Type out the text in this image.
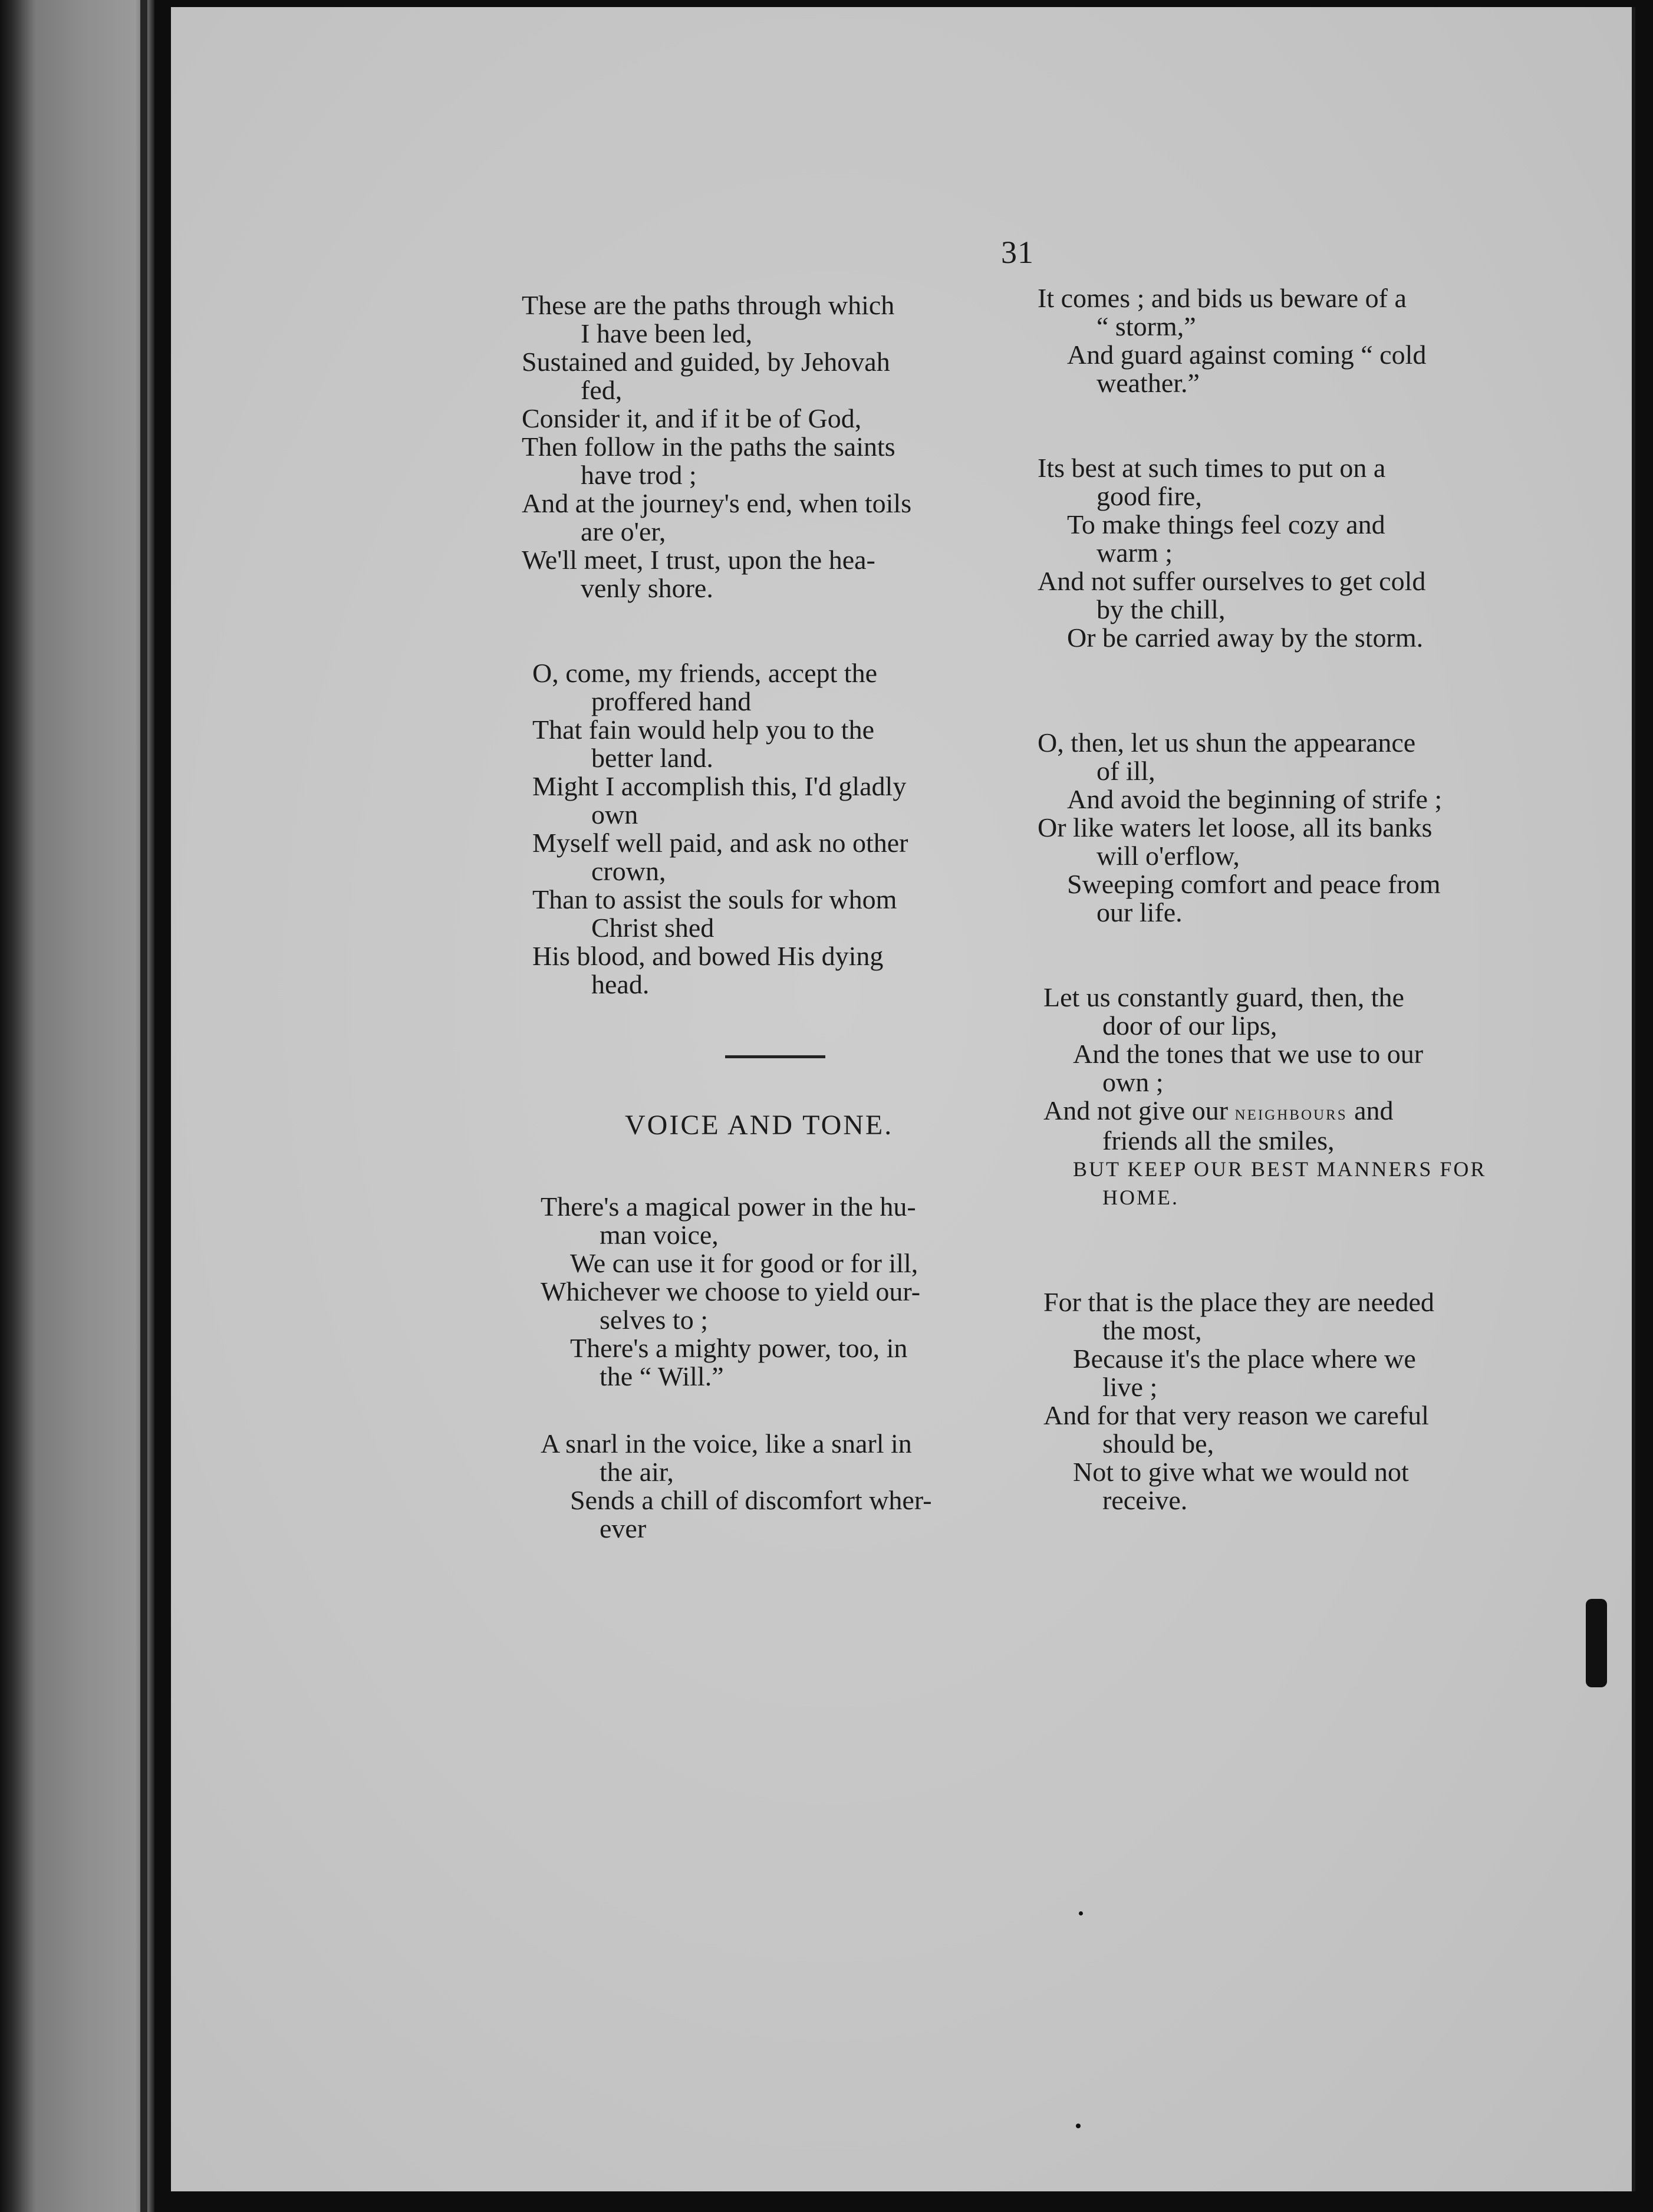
31
These are the paths through which
I have been led,
Sustained and guided, by Jehovah
fed,
Consider it, and if it be of God,
Then follow in the paths the saints
have trod ;
And at the journey's end, when toils
are o'er,
We'll meet, I trust, upon the hea-
venly shore.
O, come, my friends, accept the
proffered hand
That fain would help you to the
better land.
Might I accomplish this, I'd gladly
own
Myself well paid, and ask no other
crown,
Than to assist the souls for whom
Christ shed
His blood, and bowed His dying
head.
VOICE AND TONE.
There's a magical power in the hu-
man voice,
We can use it for good or for ill,
Whichever we choose to yield our-
selves to ;
There's a mighty power, too, in
the “ Will.”
A snarl in the voice, like a snarl in
the air,
Sends a chill of discomfort wher-
ever
It comes ; and bids us beware of a
“ storm,”
And guard against coming “ cold
weather.”
Its best at such times to put on a
good fire,
To make things feel cozy and
warm ;
And not suffer ourselves to get cold
by the chill,
Or be carried away by the storm.
O, then, let us shun the appearance
of ill,
And avoid the beginning of strife ;
Or like waters let loose, all its banks
will o'erflow,
Sweeping comfort and peace from
our life.
Let us constantly guard, then, the
door of our lips,
And the tones that we use to our
own ;
And not give our neighbours and
friends all the smiles,
BUT KEEP OUR BEST MANNERS FOR
HOME.
For that is the place they are needed
the most,
Because it's the place where we
live ;
And for that very reason we careful
should be,
Not to give what we would not
receive.
